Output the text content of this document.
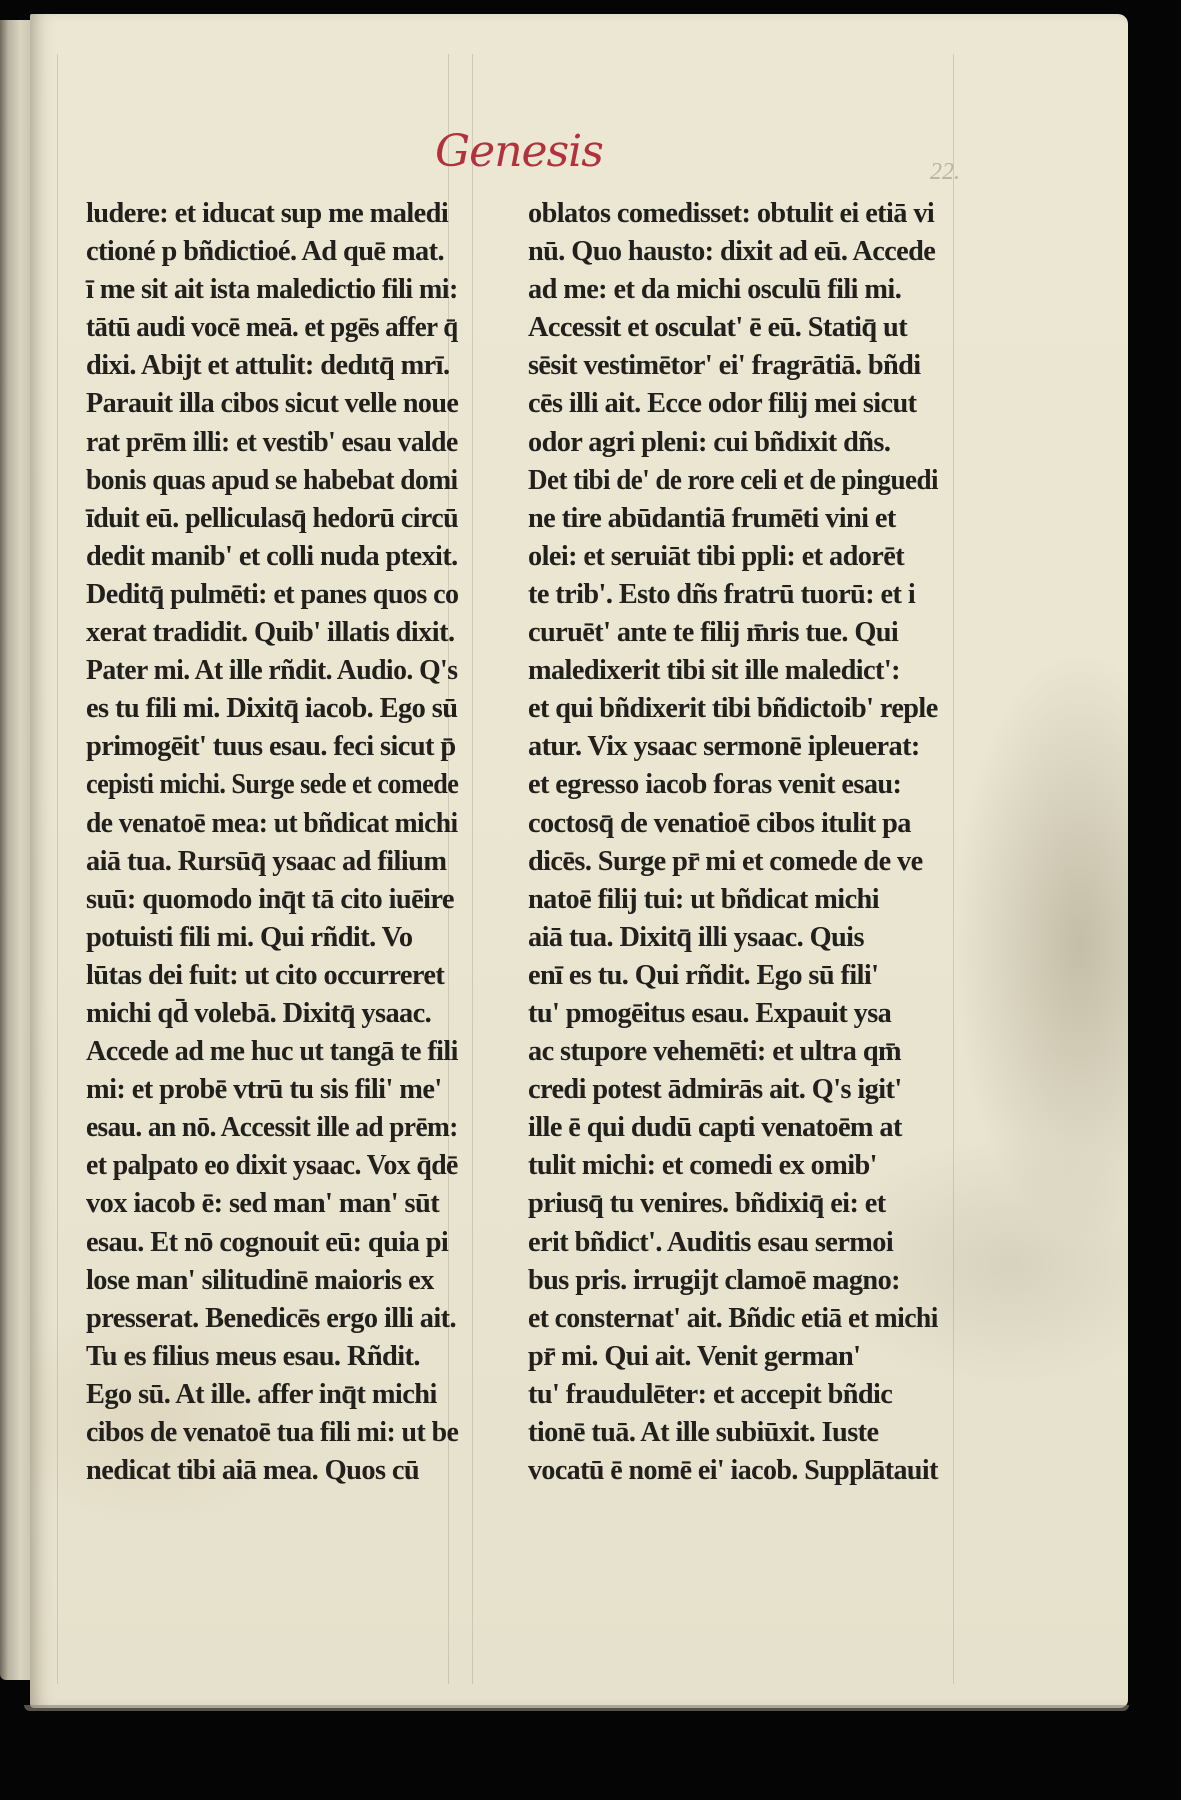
Genesis	22.
ludere: et iducat sup me maledi
ctioné p bñdictioé. Ad quē mat.
ī me sit ait ista maledictio fili mi:
tātū audi vocē meā. et pgēs affer q̄
dixi. Abijt et attulit: dedıtq̄ mrī.
Parauit illa cibos sicut velle noue
rat prēm illi: et vestib' esau valde
bonis quas apud se habebat domi
īduit eū. pelliculasq̄ hedorū circū
dedit manib' et colli nuda ptexit.
Deditq̄ pulmēti: et panes quos co
xerat tradidit. Quib' illatis dixit.
Pater mi. At ille rñdit. Audio. Q's
es tu fili mi. Dixitq̄ iacob. Ego sū
primogēit' tuus esau. feci sicut p̄
cepisti michi. Surge sede et comede
de venatoē mea: ut bñdicat michi
aiā tua. Rursūq̄ ysaac ad filium
suū: quomodo inq̄t tā cito iuēire
potuisti fili mi. Qui rñdit. Vo
lūtas dei fuit: ut cito occurreret
michi qd̄ volebā. Dixitq̄ ysaac.
Accede ad me huc ut tangā te fili
mi: et probē vtrū tu sis fili' me'
esau. an nō. Accessit ille ad prēm:
et palpato eo dixit ysaac. Vox q̄dē
vox iacob ē: sed man' man' sūt
esau. Et nō cognouit eū: quia pi
lose man' silitudinē maioris ex
presserat. Benedicēs ergo illi ait.
Tu es filius meus esau. Rñdit.
Ego sū. At ille. affer inq̄t michi
cibos de venatoē tua fili mi: ut be
nedicat tibi aiā mea. Quos cū
oblatos comedisset: obtulit ei etiā vi
nū. Quo hausto: dixit ad eū. Accede
ad me: et da michi osculū fili mi.
Accessit et osculat' ē eū. Statiq̄ ut
sēsit vestimētor' ei' fragrātiā. bñdi
cēs illi ait. Ecce odor filij mei sicut
odor agri pleni: cui bñdixit dñs.
Det tibi de' de rore celi et de pinguedi
ne tire abūdantiā frumēti vini et
olei: et seruiāt tibi ppli: et adorēt
te trib'. Esto dñs fratrū tuorū: et i
curuēt' ante te filij m̄ris tue. Qui
maledixerit tibi sit ille maledict':
et qui bñdixerit tibi bñdictoib' reple
atur. Vix ysaac sermonē ipleuerat:
et egresso iacob foras venit esau:
coctosq̄ de venatioē cibos itulit pa
dicēs. Surge pr̄ mi et comede de ve
natoē filij tui: ut bñdicat michi
aiā tua. Dixitq̄ illi ysaac. Quis
enī es tu. Qui rñdit. Ego sū fili'
tu' pmogēitus esau. Expauit ysa
ac stupore vehemēti: et ultra qm̄
credi potest ādmirās ait. Q's igit'
ille ē qui dudū capti venatoēm at
tulit michi: et comedi ex omib'
priusq̄ tu venires. bñdixiq̄ ei: et
erit bñdict'. Auditis esau sermoi
bus pris. irrugijt clamoē magno:
et consternat' ait. Bñdic etiā et michi
pr̄ mi. Qui ait. Venit german'
tu' fraudulēter: et accepit bñdic
tionē tuā. At ille subiūxit. Iuste
vocatū ē nomē ei' iacob. Supplātauit
